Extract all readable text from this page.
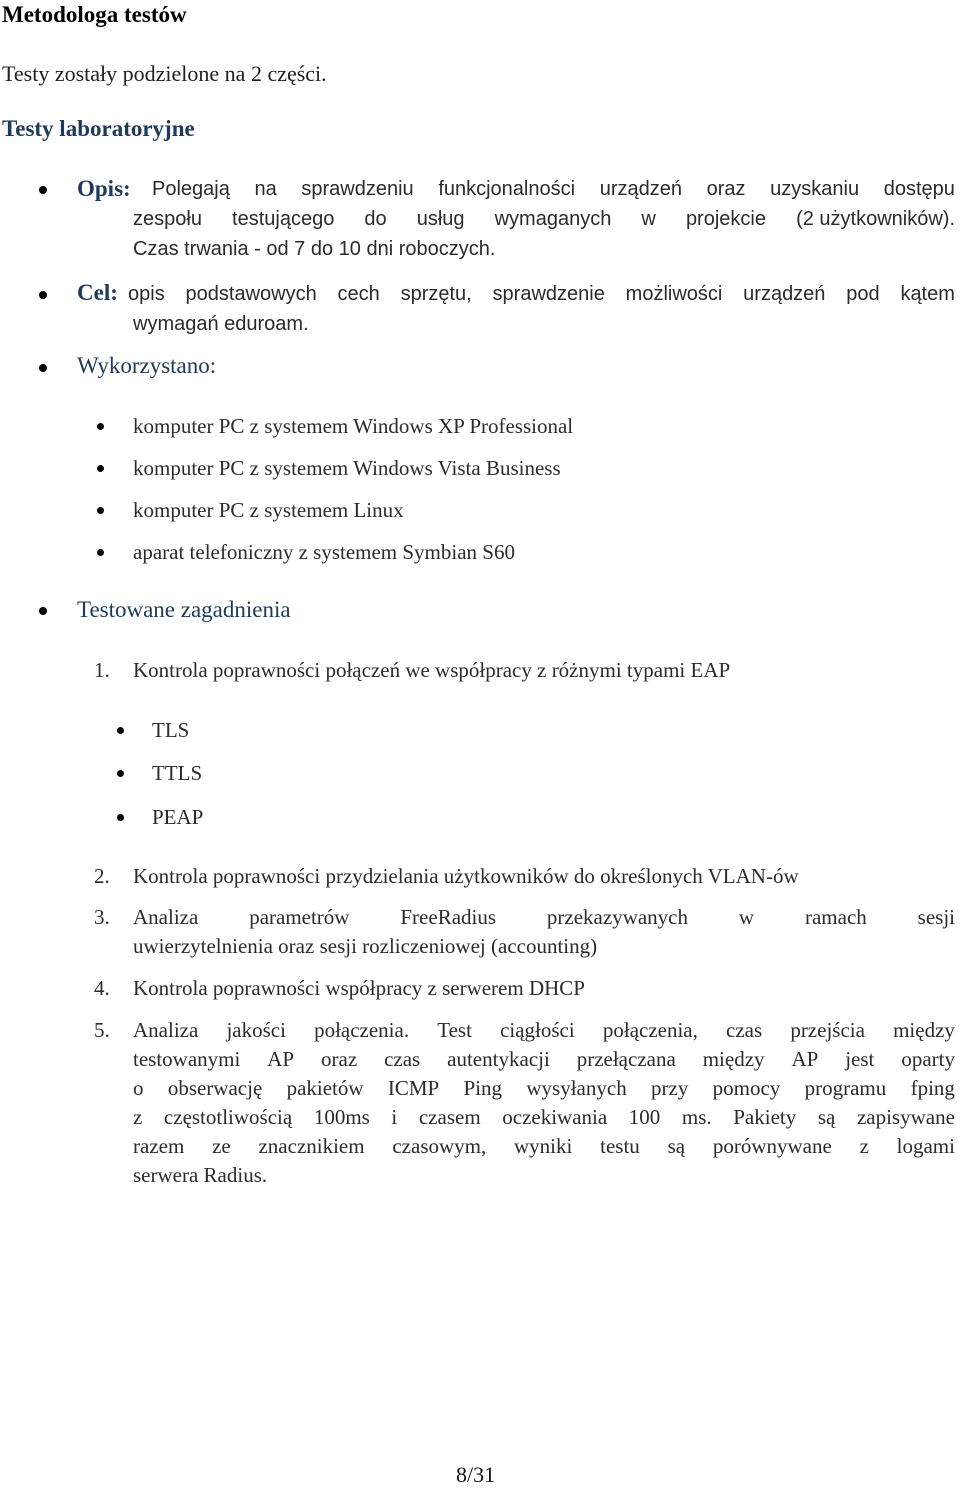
Metodologa testów
Testy zostały podzielone na 2 części.
Testy laboratoryjne
Opis: Polegają na sprawdzeniu funkcjonalności urządzeń oraz uzyskaniu dostępu
zespołu testującego do usług wymaganych w projekcie (2 użytkowników).
Czas trwania - od 7 do 10 dni roboczych.
Cel: opis podstawowych cech sprzętu, sprawdzenie możliwości urządzeń pod kątem
wymagań eduroam.
Wykorzystano:
komputer PC z systemem Windows XP Professional
komputer PC z systemem Windows Vista Business
komputer PC z systemem Linux
aparat telefoniczny z systemem Symbian S60
Testowane zagadnienia
1. Kontrola poprawności połączeń we współpracy z różnymi typami EAP
TLS
TTLS
PEAP
2. Kontrola poprawności przydzielania użytkowników do określonych VLAN-ów
3. Analiza parametrów FreeRadius przekazywanych w ramach sesji
uwierzytelnienia oraz sesji rozliczeniowej (accounting)
4. Kontrola poprawności współpracy z serwerem DHCP
5. Analiza jakości połączenia. Test ciągłości połączenia, czas przejścia między
testowanymi AP oraz czas autentykacji przełączana między AP jest oparty
o obserwację pakietów ICMP Ping wysyłanych przy pomocy programu fping
z częstotliwością 100ms i czasem oczekiwania 100 ms. Pakiety są zapisywane
razem ze znacznikiem czasowym, wyniki testu są porównywane z logami
serwera Radius.
8/31
